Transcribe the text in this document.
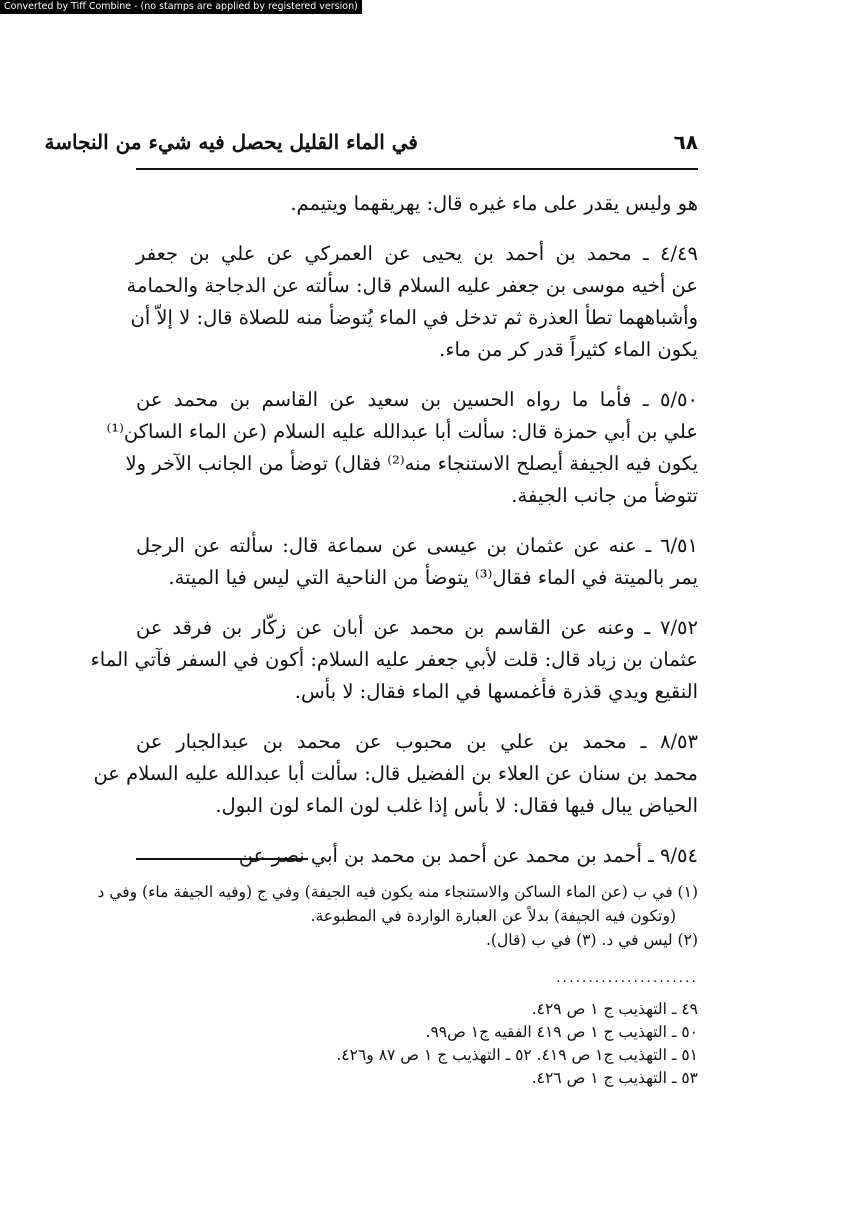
Converted by Tiff Combine - (no stamps are applied by registered version)
٦٨
في الماء القليل يحصل فيه شيء من النجاسة
هو وليس يقدر على ماء غيره قال: يهريقهما ويتيمم.
٤/٤٩ ـ محمد بن أحمد بن يحيى عن العمركي عن علي بن جعفر
عن أخيه موسى بن جعفر عليه السلام قال: سألته عن الدجاجة والحمامة
وأشباههما تطأ العذرة ثم تدخل في الماء يُتوضأ منه للصلاة قال: لا إلاّ أن
يكون الماء كثيراً قدر كر من ماء.
٥/٥٠ ـ فأما ما رواه الحسين بن سعيد عن القاسم بن محمد عن
علي بن أبي حمزة قال: سألت أبا عبدالله عليه السلام (عن الماء الساكن⁽¹⁾
يكون فيه الجيفة أيصلح الاستنجاء منه⁽²⁾ فقال) توضأ من الجانب الآخر ولا
تتوضأ من جانب الجيفة.
٦/٥١ ـ عنه عن عثمان بن عيسى عن سماعة قال: سألته عن الرجل
يمر بالميتة في الماء فقال⁽³⁾ يتوضأ من الناحية التي ليس فيا الميتة.
٧/٥٢ ـ وعنه عن القاسم بن محمد عن أبان عن زكّار بن فرقد عن
عثمان بن زياد قال: قلت لأبي جعفر عليه السلام: أكون في السفر فآتي الماء
النقيع ويدي قذرة فأغمسها في الماء فقال: لا بأس.
٨/٥٣ ـ محمد بن علي بن محبوب عن محمد بن عبدالجبار عن
محمد بن سنان عن العلاء بن الفضيل قال: سألت أبا عبدالله عليه السلام عن
الحياض يبال فيها فقال: لا بأس إذا غلب لون الماء لون البول.
٩/٥٤ ـ أحمد بن محمد عن أحمد بن محمد بن أبي نصر عن
(١) في ب (عن الماء الساكن والاستنجاء منه يكون فيه الجيفة) وفي ج (وفيه الجيفة ماء) وفي د
(وتكون فيه الجيفة) بدلاً عن العبارة الواردة في المطبوعة.
(٢) ليس في د. (٣) في ب (قال).
......................
٤٩ ـ التهذيب ج ١ ص ٤٢٩.
٥٠ ـ التهذيب ج ١ ص ٤١٩ الفقيه ج١ ص٩٩.
٥١ ـ التهذيب ج١ ص ٤١٩. ٥٢ ـ التهذيب ج ١ ص ٨٧ و٤٢٦.
٥٣ ـ التهذيب ج ١ ص ٤٢٦.
